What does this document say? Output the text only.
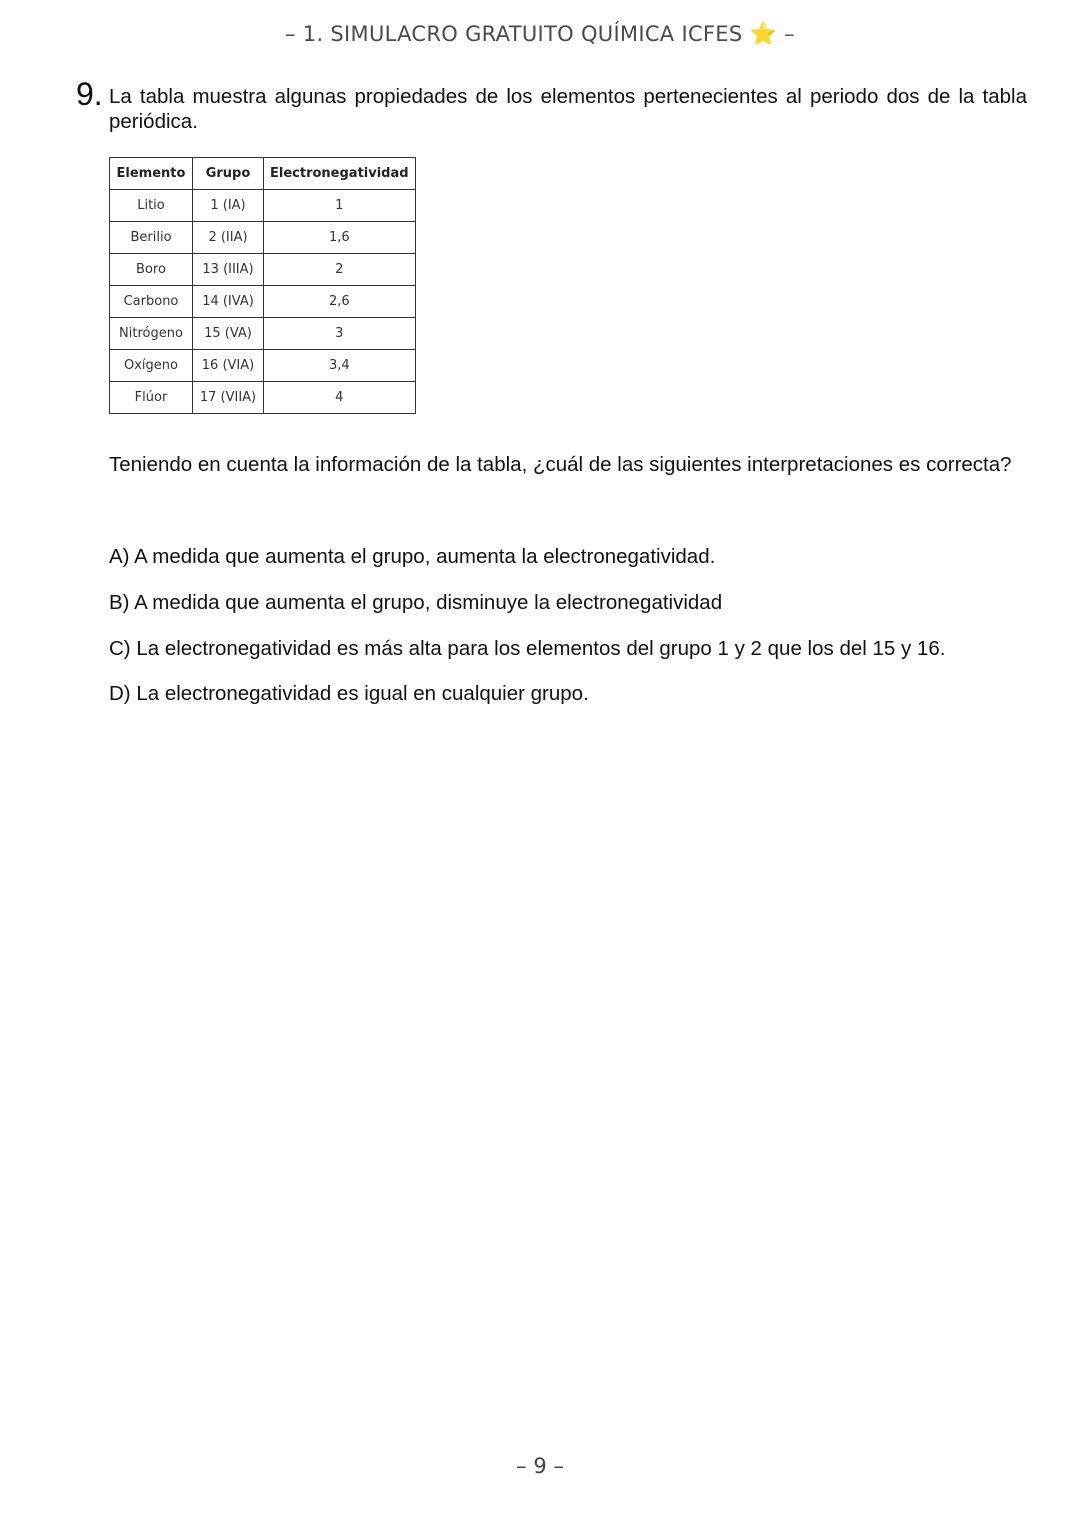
– 1. SIMULACRO GRATUITO QUÍMICA ICFES ⭐ –
9. La tabla muestra algunas propiedades de los elementos pertenecientes al periodo dos de la tabla periódica.
Elemento	Grupo	Electronegatividad
Litio	1 (IA)	1
Berilio	2 (IIA)	1,6
Boro	13 (IIIA)	2
Carbono	14 (IVA)	2,6
Nitrógeno	15 (VA)	3
Oxígeno	16 (VIA)	3,4
Flúor	17 (VIIA)	4
Teniendo en cuenta la información de la tabla, ¿cuál de las siguientes interpretaciones es correcta?
A) A medida que aumenta el grupo, aumenta la electronegatividad.
B) A medida que aumenta el grupo, disminuye la electronegatividad
C) La electronegatividad es más alta para los elementos del grupo 1 y 2 que los del 15 y 16.
D) La electronegatividad es igual en cualquier grupo.
– 9 –
